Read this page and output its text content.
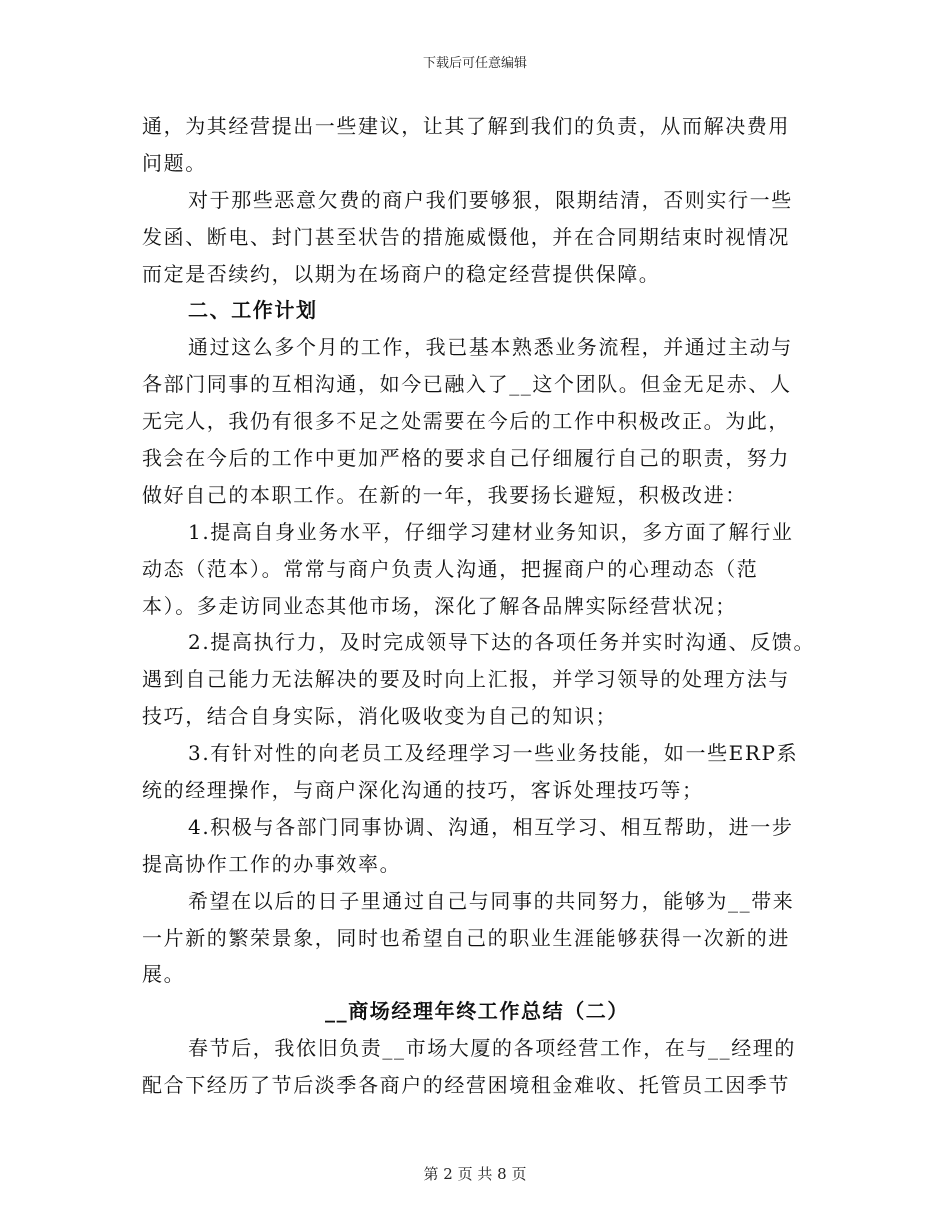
下载后可任意编辑
通，为其经营提出一些建议，让其了解到我们的负责，从而解决费用
问题。
对于那些恶意欠费的商户我们要够狠，限期结清，否则实行一些
发函、断电、封门甚至状告的措施威慑他，并在合同期结束时视情况
而定是否续约，以期为在场商户的稳定经营提供保障。
二、工作计划
通过这么多个月的工作，我已基本熟悉业务流程，并通过主动与
各部门同事的互相沟通，如今已融入了__这个团队。但金无足赤、人
无完人，我仍有很多不足之处需要在今后的工作中积极改正。为此，
我会在今后的工作中更加严格的要求自己仔细履行自己的职责，努力
做好自己的本职工作。在新的一年，我要扬长避短，积极改进：
1.提高自身业务水平，仔细学习建材业务知识，多方面了解行业
动态（范本）。常常与商户负责人沟通，把握商户的心理动态（范
本）。多走访同业态其他市场，深化了解各品牌实际经营状况；
2.提高执行力，及时完成领导下达的各项任务并实时沟通、反馈。
遇到自己能力无法解决的要及时向上汇报，并学习领导的处理方法与
技巧，结合自身实际，消化吸收变为自己的知识；
3.有针对性的向老员工及经理学习一些业务技能，如一些ERP系
统的经理操作，与商户深化沟通的技巧，客诉处理技巧等；
4.积极与各部门同事协调、沟通，相互学习、相互帮助，进一步
提高协作工作的办事效率。
希望在以后的日子里通过自己与同事的共同努力，能够为__带来
一片新的繁荣景象，同时也希望自己的职业生涯能够获得一次新的进
展。
__商场经理年终工作总结（二）
春节后，我依旧负责__市场大厦的各项经营工作，在与__经理的
配合下经历了节后淡季各商户的经营困境租金难收、托管员工因季节
第 2 页 共 8 页
